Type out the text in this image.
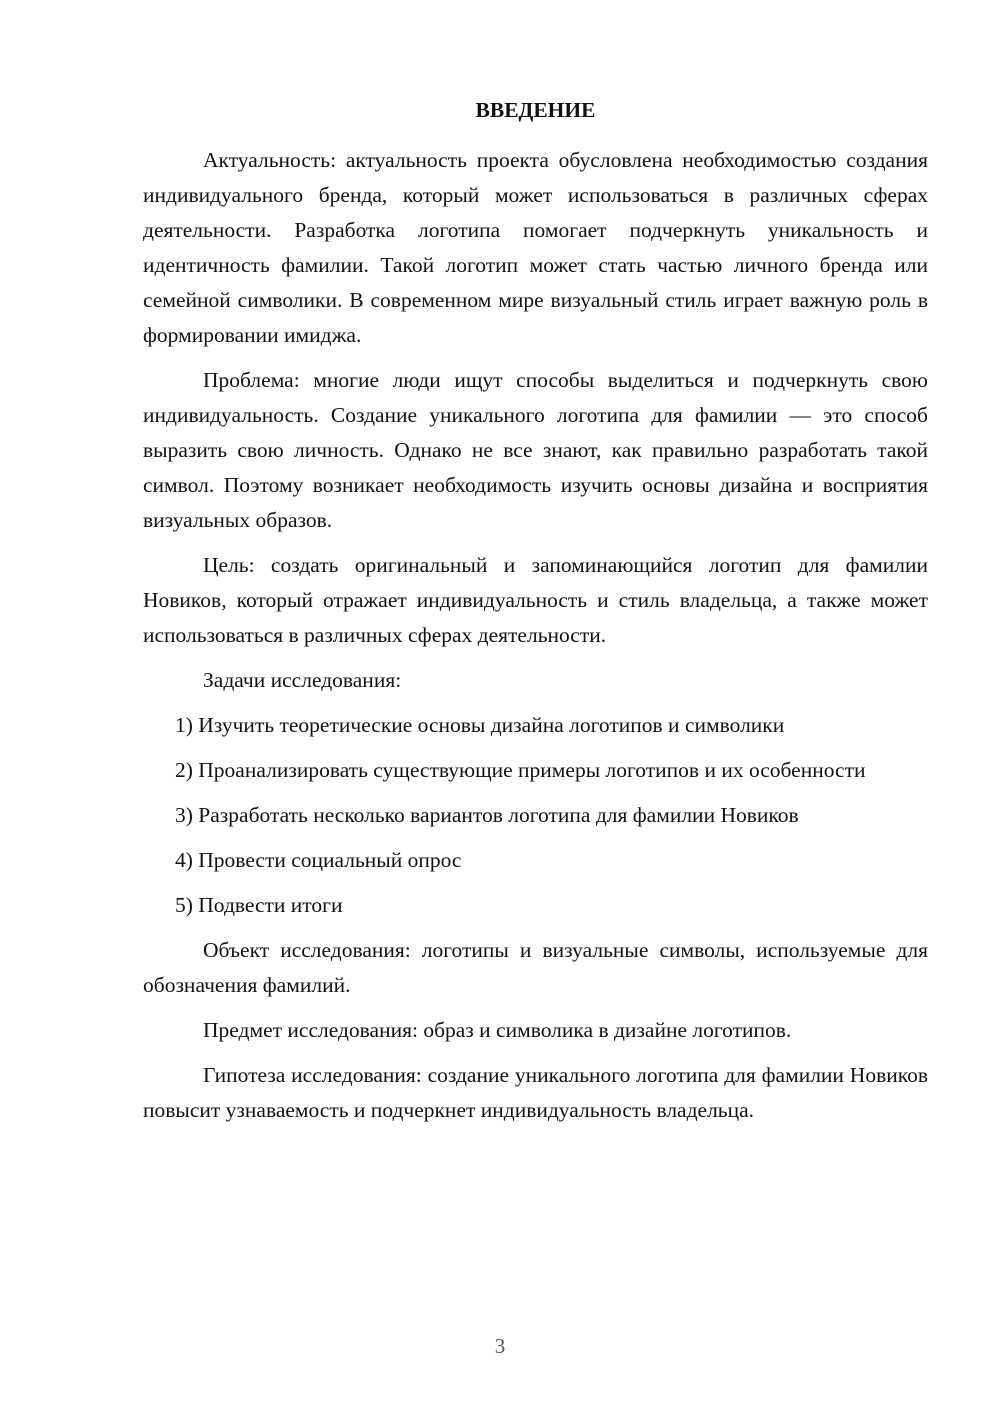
ВВЕДЕНИЕ

Актуальность: актуальность проекта обусловлена необходимостью создания индивидуального бренда, который может использоваться в различных сферах деятельности. Разработка логотипа помогает подчеркнуть уникальность и идентичность фамилии. Такой логотип может стать частью личного бренда или семейной символики. В современном мире визуальный стиль играет важную роль в формировании имиджа.

Проблема: многие люди ищут способы выделиться и подчеркнуть свою индивидуальность. Создание уникального логотипа для фамилии — это способ выразить свою личность. Однако не все знают, как правильно разработать такой символ. Поэтому возникает необходимость изучить основы дизайна и восприятия визуальных образов.

Цель: создать оригинальный и запоминающийся логотип для фамилии Новиков, который отражает индивидуальность и стиль владельца, а также может использоваться в различных сферах деятельности.

Задачи исследования:

1) Изучить теоретические основы дизайна логотипов и символики
2) Проанализировать существующие примеры логотипов и их особенности
3) Разработать несколько вариантов логотипа для фамилии Новиков
4) Провести социальный опрос
5) Подвести итоги

Объект исследования: логотипы и визуальные символы, используемые для обозначения фамилий.

Предмет исследования: образ и символика в дизайне логотипов.

Гипотеза исследования: создание уникального логотипа для фамилии Новиков повысит узнаваемость и подчеркнет индивидуальность владельца.

3
